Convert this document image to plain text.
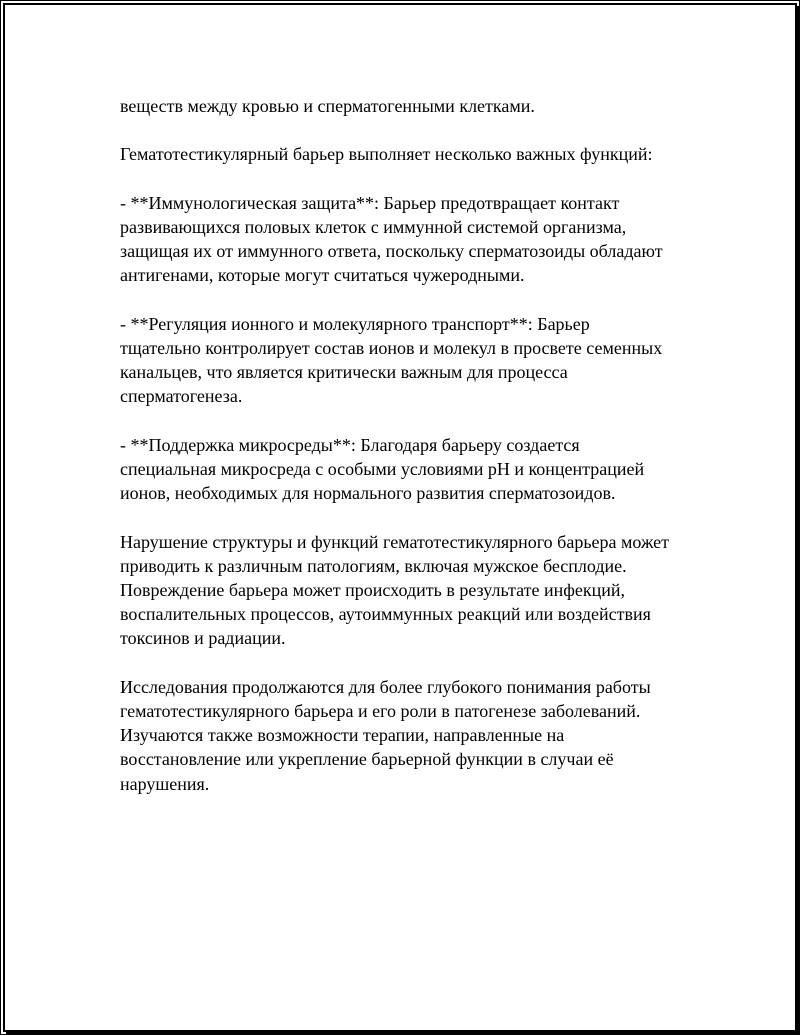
веществ между кровью и сперматогенными клетками.

Гематотестикулярный барьер выполняет несколько важных функций:

- **Иммунологическая защита**: Барьер предотвращает контакт
развивающихся половых клеток с иммунной системой организма,
защищая их от иммунного ответа, поскольку сперматозоиды обладают
антигенами, которые могут считаться чужеродными.

- **Регуляция ионного и молекулярного транспорт**: Барьер
тщательно контролирует состав ионов и молекул в просвете семенных
канальцев, что является критически важным для процесса
сперматогенеза.

- **Поддержка микросреды**: Благодаря барьеру создается
специальная микросреда с особыми условиями pH и концентрацией
ионов, необходимых для нормального развития сперматозоидов.

Нарушение структуры и функций гематотестикулярного барьера может
приводить к различным патологиям, включая мужское бесплодие.
Повреждение барьера может происходить в результате инфекций,
воспалительных процессов, аутоиммунных реакций или воздействия
токсинов и радиации.

Исследования продолжаются для более глубокого понимания работы
гематотестикулярного барьера и его роли в патогенезе заболеваний.
Изучаются также возможности терапии, направленные на
восстановление или укрепление барьерной функции в случаи её
нарушения.
